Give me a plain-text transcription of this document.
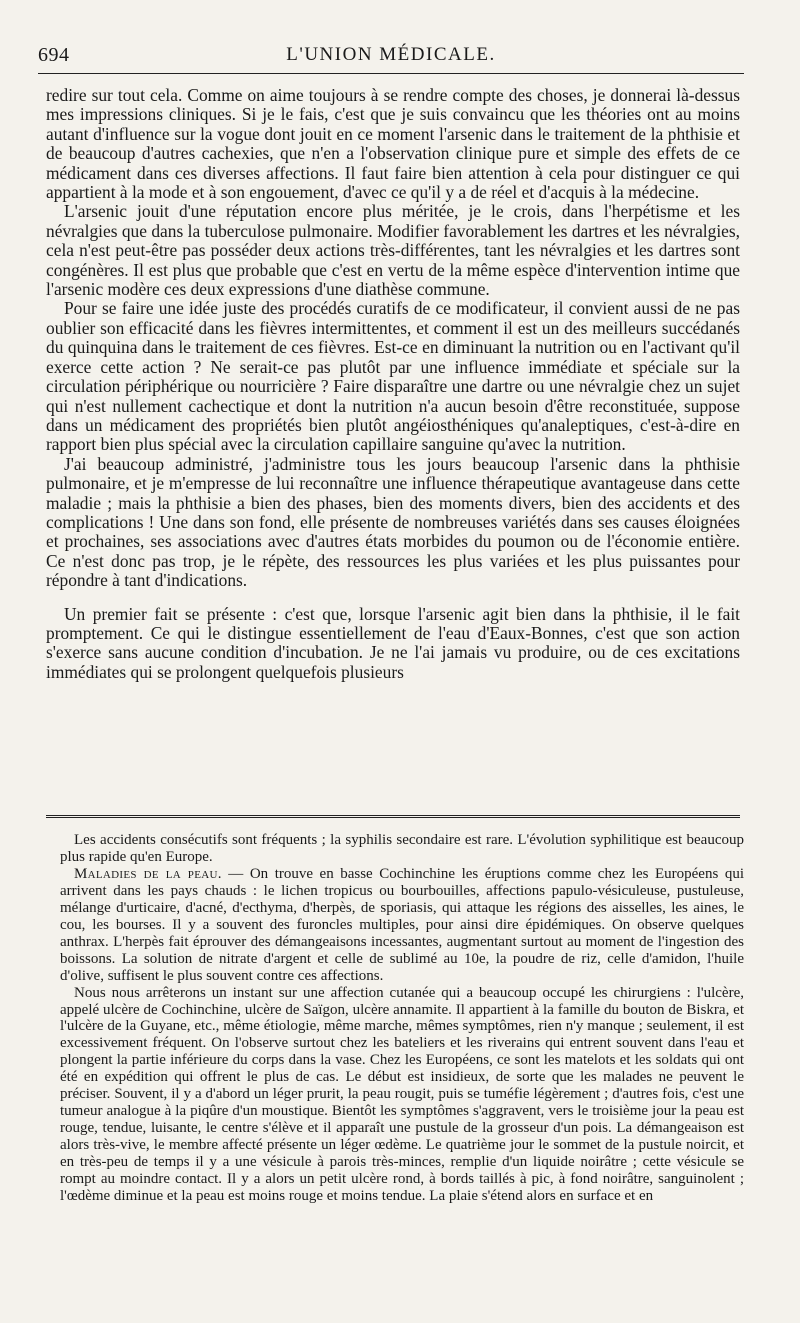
694	L'UNION MÉDICALE.

redire sur tout cela. Comme on aime toujours à se rendre compte des choses, je donnerai là-dessus mes impressions cliniques. Si je le fais, c'est que je suis convaincu que les théories ont au moins autant d'influence sur la vogue dont jouit en ce moment l'arsenic dans le traitement de la phthisie et de beaucoup d'autres cachexies, que n'en a l'observation clinique pure et simple des effets de ce médicament dans ces diverses affections. Il faut faire bien attention à cela pour distinguer ce qui appartient à la mode et à son engouement, d'avec ce qu'il y a de réel et d'acquis à la médecine.

L'arsenic jouit d'une réputation encore plus méritée, je le crois, dans l'herpétisme et les névralgies que dans la tuberculose pulmonaire. Modifier favorablement les dartres et les névralgies, cela n'est peut-être pas posséder deux actions très-différentes, tant les névralgies et les dartres sont congénères. Il est plus que probable que c'est en vertu de la même espèce d'intervention intime que l'arsenic modère ces deux expressions d'une diathèse commune.

Pour se faire une idée juste des procédés curatifs de ce modificateur, il convient aussi de ne pas oublier son efficacité dans les fièvres intermittentes, et comment il est un des meilleurs succédanés du quinquina dans le traitement de ces fièvres. Est-ce en diminuant la nutrition ou en l'activant qu'il exerce cette action ? Ne serait-ce pas plutôt par une influence immédiate et spéciale sur la circulation périphérique ou nourricière ? Faire disparaître une dartre ou une névralgie chez un sujet qui n'est nullement cachectique et dont la nutrition n'a aucun besoin d'être reconstituée, suppose dans un médicament des propriétés bien plutôt angéiosthéniques qu'analeptiques, c'est-à-dire en rapport bien plus spécial avec la circulation capillaire sanguine qu'avec la nutrition.

J'ai beaucoup administré, j'administre tous les jours beaucoup l'arsenic dans la phthisie pulmonaire, et je m'empresse de lui reconnaître une influence thérapeutique avantageuse dans cette maladie ; mais la phthisie a bien des phases, bien des moments divers, bien des accidents et des complications ! Une dans son fond, elle présente de nombreuses variétés dans ses causes éloignées et prochaines, ses associations avec d'autres états morbides du poumon ou de l'économie entière. Ce n'est donc pas trop, je le répète, des ressources les plus variées et les plus puissantes pour répondre à tant d'indications.

Un premier fait se présente : c'est que, lorsque l'arsenic agit bien dans la phthisie, il le fait promptement. Ce qui le distingue essentiellement de l'eau d'Eaux-Bonnes, c'est que son action s'exerce sans aucune condition d'incubation. Je ne l'ai jamais vu produire, ou de ces excitations immédiates qui se prolongent quelquefois plusieurs

Les accidents consécutifs sont fréquents ; la syphilis secondaire est rare. L'évolution syphilitique est beaucoup plus rapide qu'en Europe.

Maladies de la peau. — On trouve en basse Cochinchine les éruptions comme chez les Européens qui arrivent dans les pays chauds : le lichen tropicus ou bourbouilles, affections papulo-vésiculeuse, pustuleuse, mélange d'urticaire, d'acné, d'ecthyma, d'herpès, de sporiasis, qui attaque les régions des aisselles, les aines, le cou, les bourses. Il y a souvent des furoncles multiples, pour ainsi dire épidémiques. On observe quelques anthrax. L'herpès fait éprouver des démangeaisons incessantes, augmentant surtout au moment de l'ingestion des boissons. La solution de nitrate d'argent et celle de sublimé au 10e, la poudre de riz, celle d'amidon, l'huile d'olive, suffisent le plus souvent contre ces affections.

Nous nous arrêterons un instant sur une affection cutanée qui a beaucoup occupé les chirurgiens : l'ulcère, appelé ulcère de Cochinchine, ulcère de Saïgon, ulcère annamite. Il appartient à la famille du bouton de Biskra, et l'ulcère de la Guyane, etc., même étiologie, même marche, mêmes symptômes, rien n'y manque ; seulement, il est excessivement fréquent. On l'observe surtout chez les bateliers et les riverains qui entrent souvent dans l'eau et plongent la partie inférieure du corps dans la vase. Chez les Européens, ce sont les matelots et les soldats qui ont été en expédition qui offrent le plus de cas. Le début est insidieux, de sorte que les malades ne peuvent le préciser. Souvent, il y a d'abord un léger prurit, la peau rougit, puis se tuméfie légèrement ; d'autres fois, c'est une tumeur analogue à la piqûre d'un moustique. Bientôt les symptômes s'aggravent, vers le troisième jour la peau est rouge, tendue, luisante, le centre s'élève et il apparaît une pustule de la grosseur d'un pois. La démangeaison est alors très-vive, le membre affecté présente un léger œdème. Le quatrième jour le sommet de la pustule noircit, et en très-peu de temps il y a une vésicule à parois très-minces, remplie d'un liquide noirâtre ; cette vésicule se rompt au moindre contact. Il y a alors un petit ulcère rond, à bords taillés à pic, à fond noirâtre, sanguinolent ; l'œdème diminue et la peau est moins rouge et moins tendue. La plaie s'étend alors en surface et en
